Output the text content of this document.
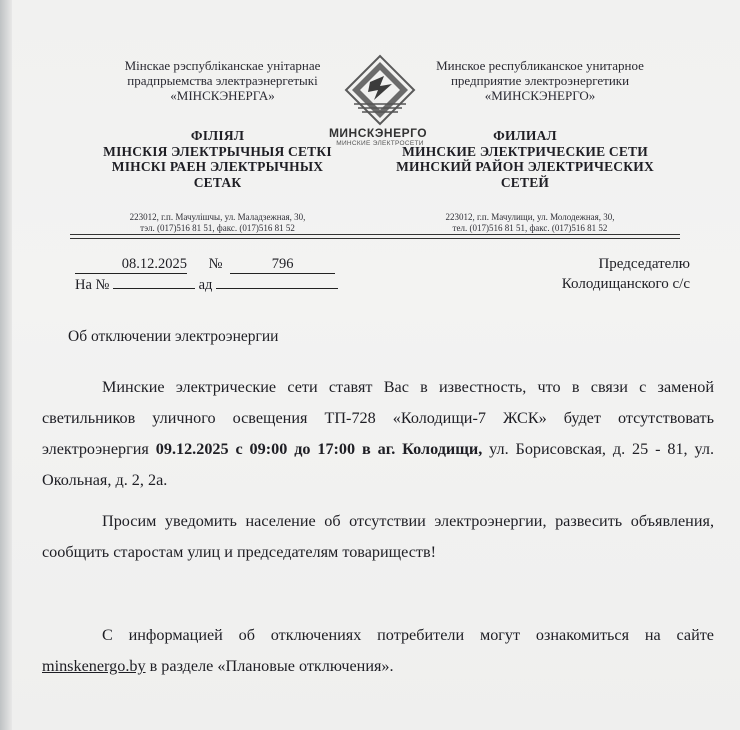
Мінскае рэспубліканскае унітарнае
прадпрыемства электраэнергетыкі
«МІНСКЭНЕРГА»
МИНСКЭНЕРГО
МИНСКИЕ ЭЛЕКТРОСЕТИ
Минское республиканское унитарное
предприятие электроэнергетики
«МИНСКЭНЕРГО»
ФІЛІЯЛ
МІНСКІЯ ЭЛЕКТРЫЧНЫЯ СЕТКІ
МІНСКІ РАЕН ЭЛЕКТРЫЧНЫХ
СЕТАК
ФИЛИАЛ
МИНСКИЕ ЭЛЕКТРИЧЕСКИЕ СЕТИ
МИНСКИЙ РАЙОН ЭЛЕКТРИЧЕСКИХ
СЕТЕЙ
223012, г.п. Мачулішчы, ул. Маладзежная, 30,
тэл. (017)516 81 51, факс. (017)516 81 52
223012, г.п. Мачулищи, ул. Молодежная, 30,
тел. (017)516 81 51, факс. (017)516 81 52
08.12.2025 №	796
На №	ад
Председателю
Колодищанского с/с
Об отключении электроэнергии
Минские электрические сети ставят Вас в известность, что в связи с заменой светильников уличного освещения ТП-728 «Колодищи-7 ЖСК» будет отсутствовать электроэнергия 09.12.2025 с 09:00 до 17:00 в аг. Колодищи, ул. Борисовская, д. 25 - 81, ул. Окольная, д. 2, 2а.
Просим уведомить население об отсутствии электроэнергии, развесить объявления, сообщить старостам улиц и председателям товариществ!
С информацией об отключениях потребители могут ознакомиться на сайте minskenergo.by в разделе «Плановые отключения».
